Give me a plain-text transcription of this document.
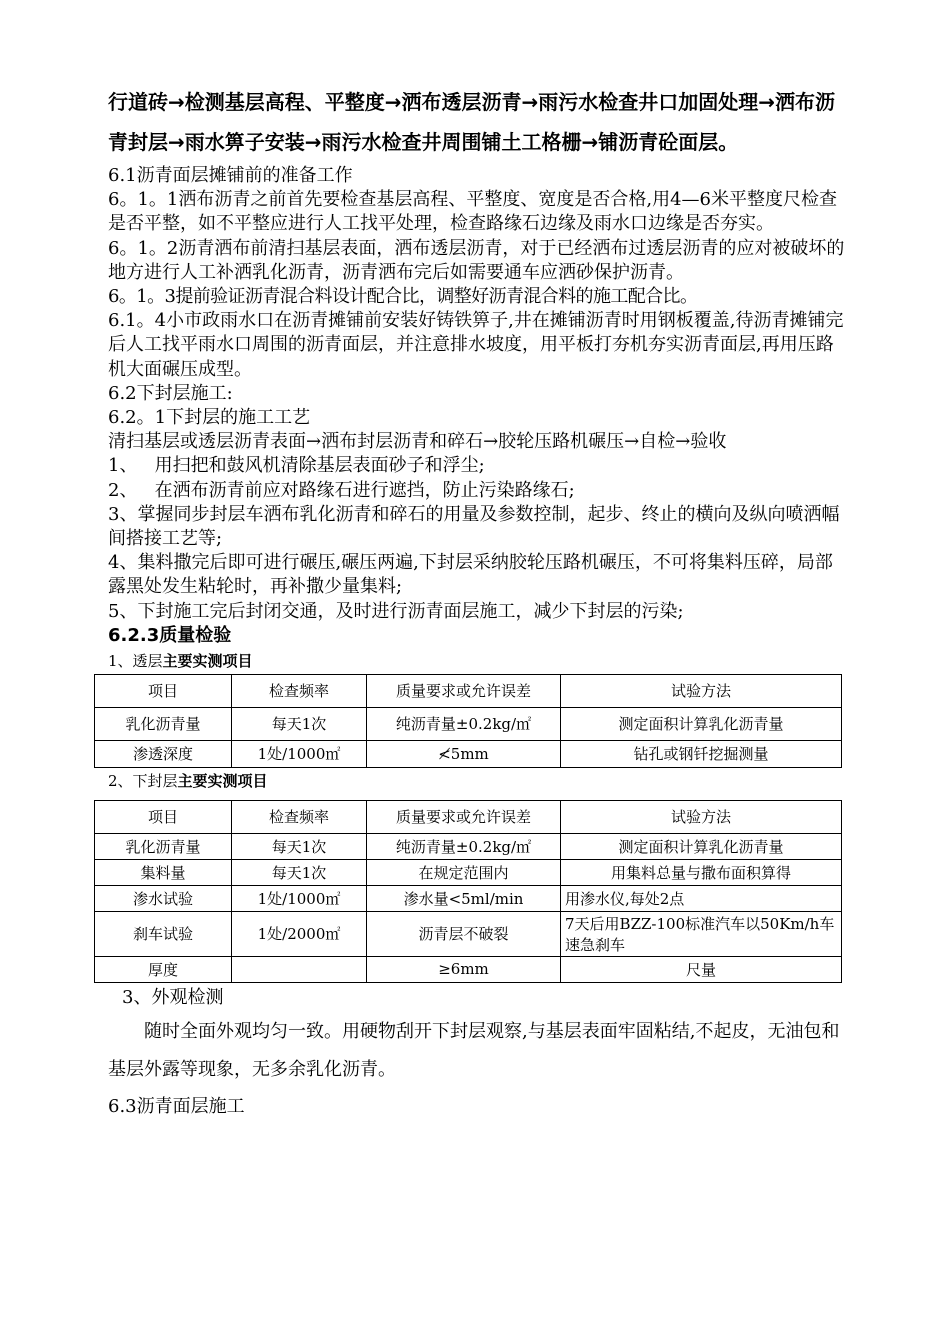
行道砖→检测基层高程、平整度→洒布透层沥青→雨污水检查井口加固处理→洒布沥青封层→雨水箅子安装→雨污水检查井周围铺土工格栅→铺沥青砼面层。

6.1沥青面层摊铺前的准备工作

6。1。1洒布沥青之前首先要检查基层高程、平整度、宽度是否合格,用4—6米平整度尺检查是否平整，如不平整应进行人工找平处理，检查路缘石边缘及雨水口边缘是否夯实。

6。1。2沥青洒布前清扫基层表面，洒布透层沥青，对于已经洒布过透层沥青的应对被破坏的地方进行人工补洒乳化沥青，沥青洒布完后如需要通车应洒砂保护沥青。

6。1。3提前验证沥青混合料设计配合比，调整好沥青混合料的施工配合比。

6.1。4小市政雨水口在沥青摊铺前安装好铸铁箅子,井在摊铺沥青时用钢板覆盖,待沥青摊铺完后人工找平雨水口周围的沥青面层，并注意排水坡度，用平板打夯机夯实沥青面层,再用压路机大面碾压成型。

6.2下封层施工:

6.2。1下封层的施工工艺

清扫基层或透层沥青表面→洒布封层沥青和碎石→胶轮压路机碾压→自检→验收

1、   用扫把和鼓风机清除基层表面砂子和浮尘;

2、   在洒布沥青前应对路缘石进行遮挡，防止污染路缘石;

3、掌握同步封层车洒布乳化沥青和碎石的用量及参数控制，起步、终止的横向及纵向喷洒幅间搭接工艺等;

4、集料撒完后即可进行碾压,碾压两遍,下封层采纳胶轮压路机碾压，不可将集料压碎，局部露黑处发生粘轮时，再补撒少量集料;

5、下封施工完后封闭交通，及时进行沥青面层施工，减少下封层的污染;

6.2.3质量检验

1、透层主要实测项目

项目	检查频率	质量要求或允许误差	试验方法
乳化沥青量	每天1次	纯沥青量±0.2kg/㎡	测定面积计算乳化沥青量
渗透深度	1处/1000㎡	≮5mm	钻孔或钢钎挖掘测量

2、下封层主要实测项目

项目	检查频率	质量要求或允许误差	试验方法
乳化沥青量	每天1次	纯沥青量±0.2kg/㎡	测定面积计算乳化沥青量
集料量	每天1次	在规定范围内	用集料总量与撒布面积算得
渗水试验	1处/1000㎡	渗水量<5ml/min	用渗水仪,每处2点
刹车试验	1处/2000㎡	沥青层不破裂	7天后用BZZ-100标准汽车以50Km/h车速急刹车
厚度		≥6mm	尺量

3、外观检测

随时全面外观均匀一致。用硬物刮开下封层观察,与基层表面牢固粘结,不起皮，无油包和基层外露等现象，无多余乳化沥青。

6.3沥青面层施工
